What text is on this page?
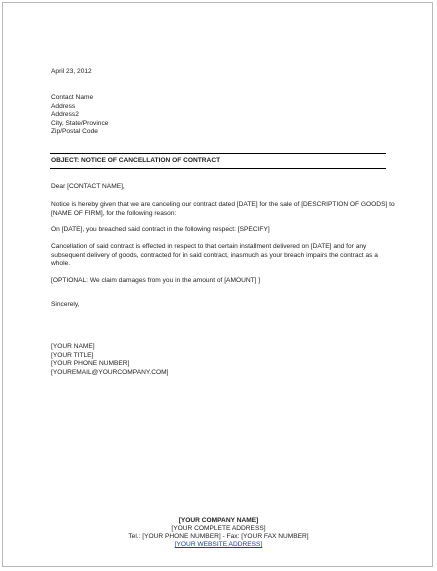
April 23, 2012
Contact Name
Address
Address2
City, State/Province
Zip/Postal Code
OBJECT: NOTICE OF CANCELLATION OF CONTRACT
Dear [CONTACT NAME],
Notice is hereby given that we are canceling our contract dated [DATE] for the sale of [DESCRIPTION OF GOODS] to [NAME OF FIRM], for the following reason:
On [DATE], you breached said contract in the following respect: [SPECIFY]
Cancellation of said contract is effected in respect to that certain installment delivered on [DATE] and for any subsequent delivery of goods, contracted for in said contract, inasmuch as your breach impairs the contract as a whole.
[OPTIONAL: We claim damages from you in the amount of [AMOUNT] ]
Sincerely,
[YOUR NAME]
[YOUR TITLE]
[YOUR PHONE NUMBER]
[YOUREMAIL@YOURCOMPANY.COM]
[YOUR COMPANY NAME]
[YOUR COMPLETE ADDRESS]
Tel.: [YOUR PHONE NUMBER] - Fax: [YOUR FAX NUMBER]
[YOUR WEBSITE ADDRESS]
